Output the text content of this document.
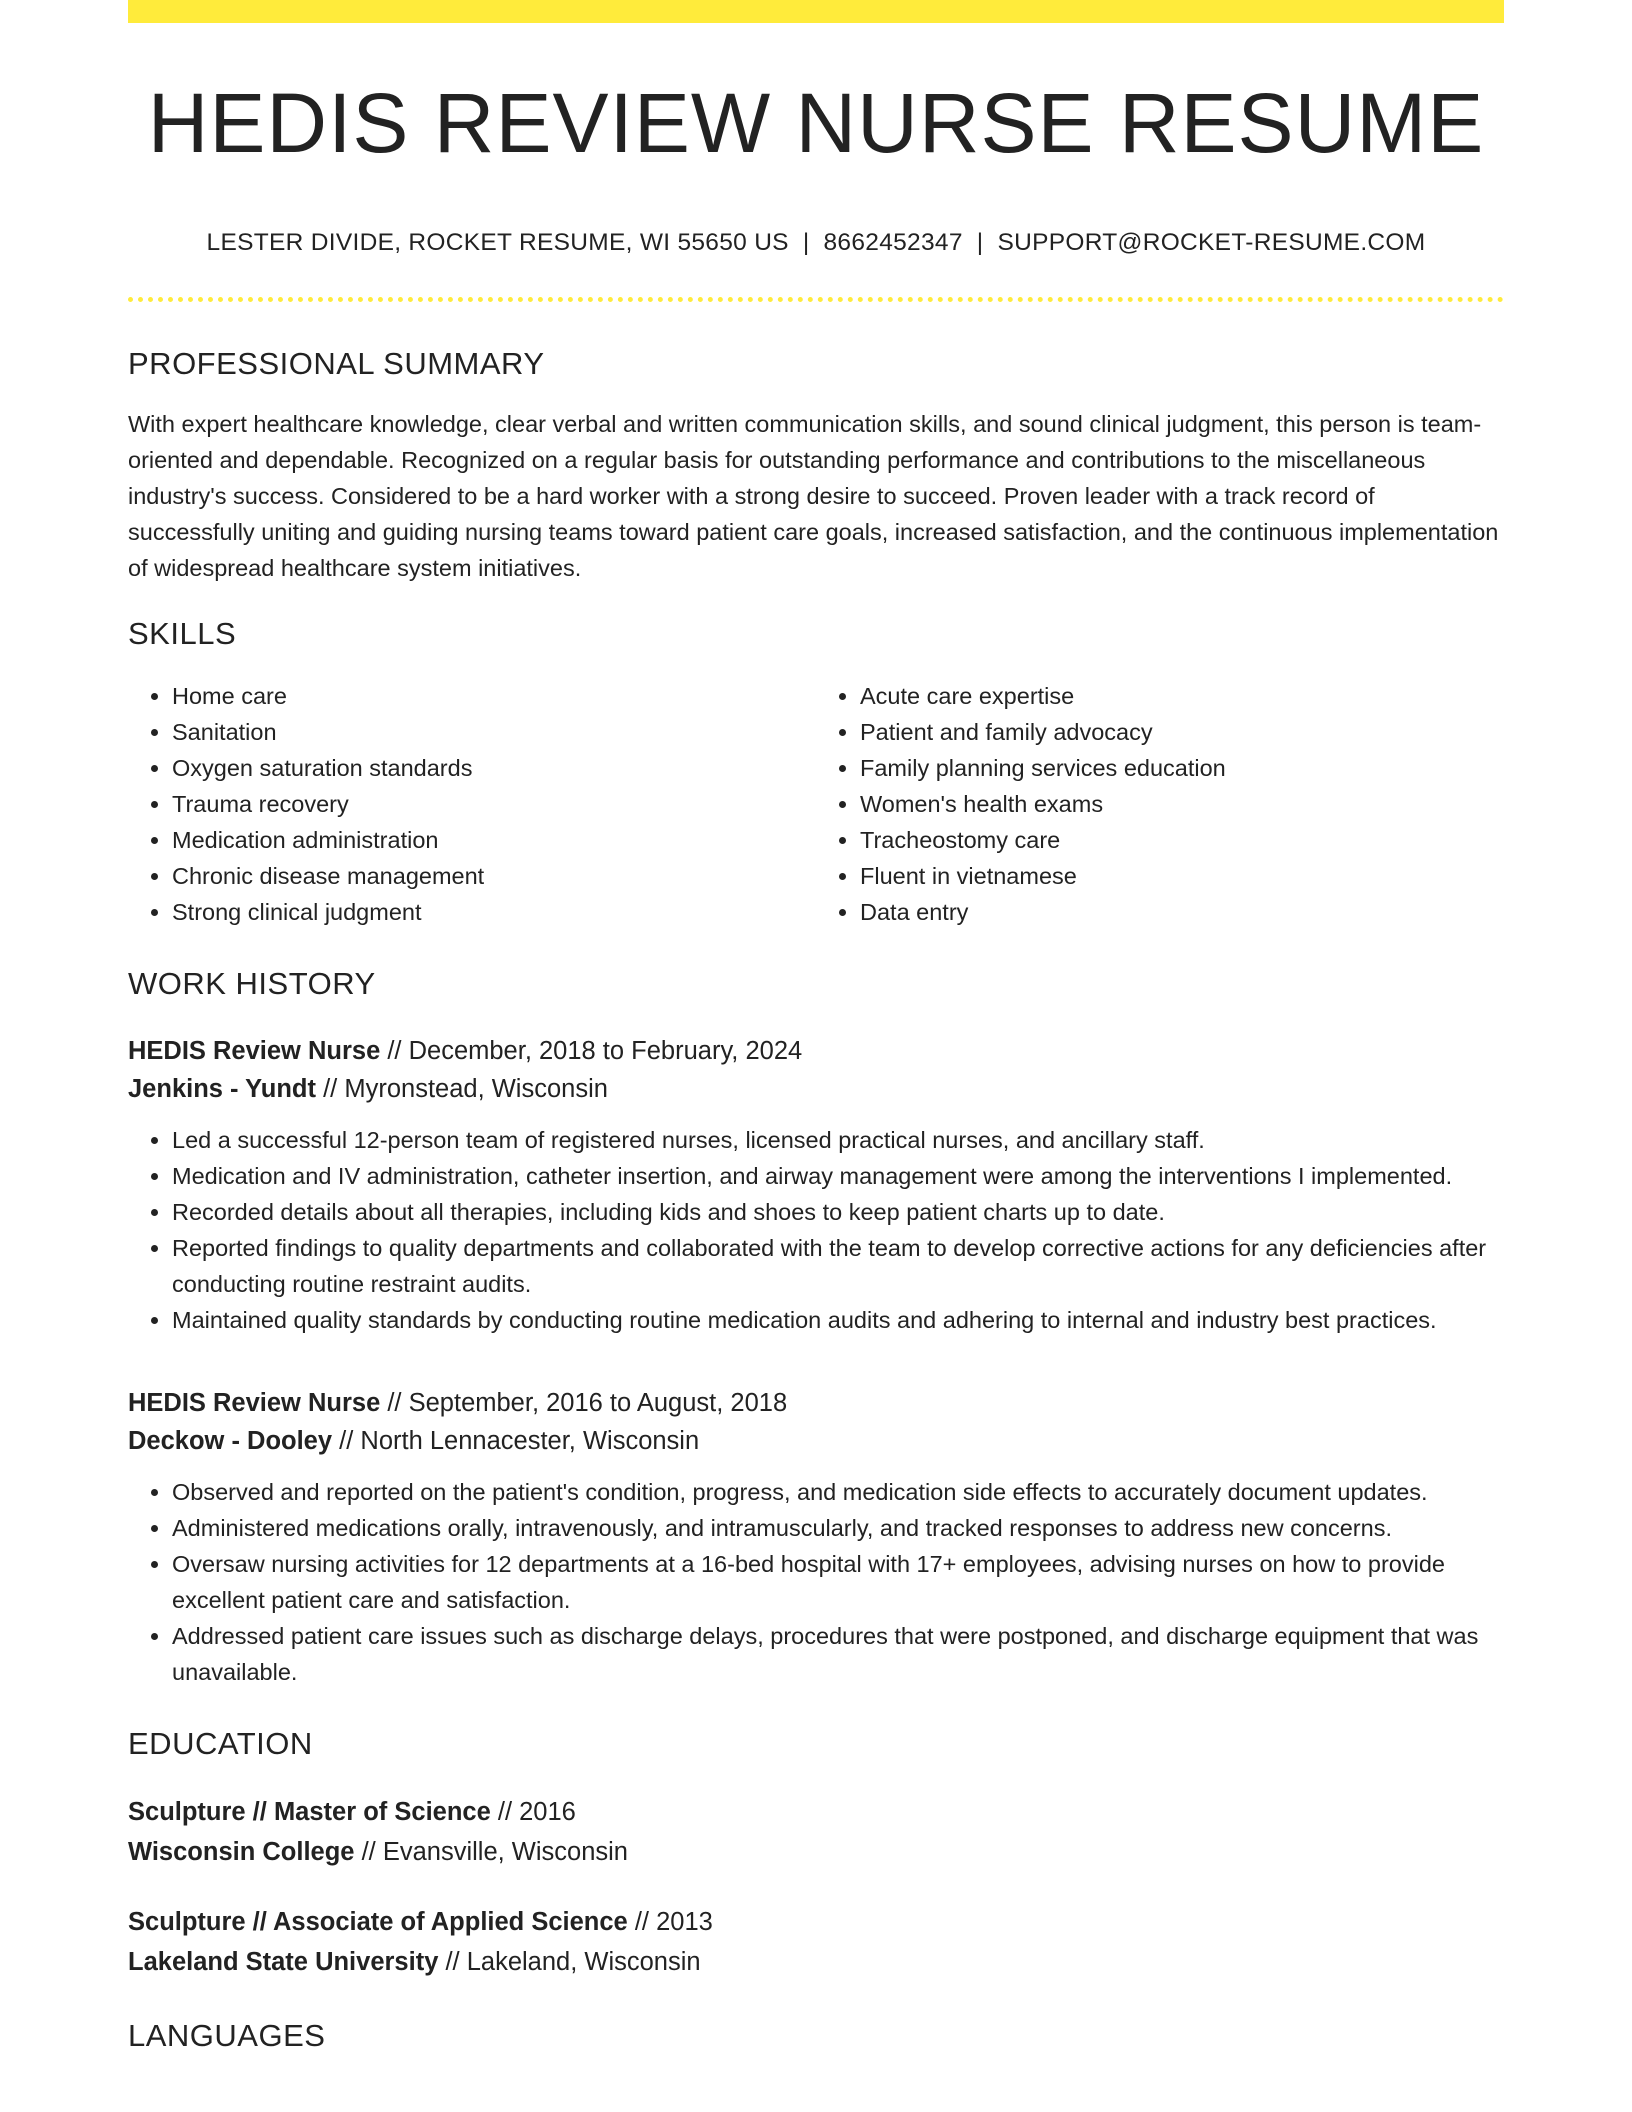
HEDIS REVIEW NURSE RESUME
LESTER DIVIDE, ROCKET RESUME, WI 55650 US | 8662452347 | SUPPORT@ROCKET-RESUME.COM
PROFESSIONAL SUMMARY
With expert healthcare knowledge, clear verbal and written communication skills, and sound clinical judgment, this person is team-oriented and dependable. Recognized on a regular basis for outstanding performance and contributions to the miscellaneous industry's success. Considered to be a hard worker with a strong desire to succeed. Proven leader with a track record of successfully uniting and guiding nursing teams toward patient care goals, increased satisfaction, and the continuous implementation of widespread healthcare system initiatives.
SKILLS
• Home care
• Sanitation
• Oxygen saturation standards
• Trauma recovery
• Medication administration
• Chronic disease management
• Strong clinical judgment
• Acute care expertise
• Patient and family advocacy
• Family planning services education
• Women's health exams
• Tracheostomy care
• Fluent in vietnamese
• Data entry
WORK HISTORY
HEDIS Review Nurse // December, 2018 to February, 2024
Jenkins - Yundt // Myronstead, Wisconsin
• Led a successful 12-person team of registered nurses, licensed practical nurses, and ancillary staff.
• Medication and IV administration, catheter insertion, and airway management were among the interventions I implemented.
• Recorded details about all therapies, including kids and shoes to keep patient charts up to date.
• Reported findings to quality departments and collaborated with the team to develop corrective actions for any deficiencies after conducting routine restraint audits.
• Maintained quality standards by conducting routine medication audits and adhering to internal and industry best practices.
HEDIS Review Nurse // September, 2016 to August, 2018
Deckow - Dooley // North Lennacester, Wisconsin
• Observed and reported on the patient's condition, progress, and medication side effects to accurately document updates.
• Administered medications orally, intravenously, and intramuscularly, and tracked responses to address new concerns.
• Oversaw nursing activities for 12 departments at a 16-bed hospital with 17+ employees, advising nurses on how to provide excellent patient care and satisfaction.
• Addressed patient care issues such as discharge delays, procedures that were postponed, and discharge equipment that was unavailable.
EDUCATION
Sculpture // Master of Science // 2016
Wisconsin College // Evansville, Wisconsin
Sculpture // Associate of Applied Science // 2013
Lakeland State University // Lakeland, Wisconsin
LANGUAGES
